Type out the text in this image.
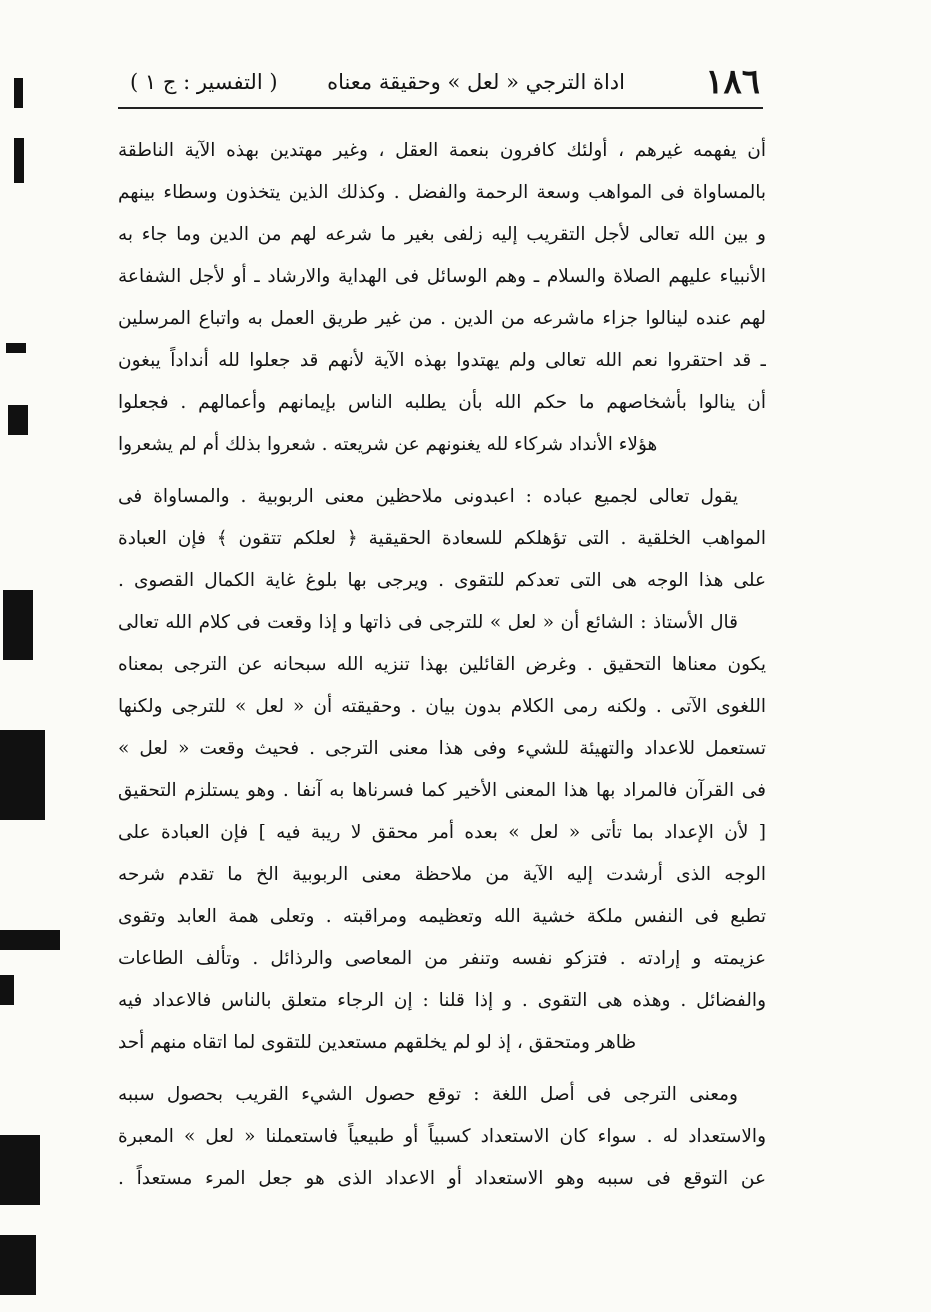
١٨٦
اداة الترجي « لعل » وحقيقة معناه
( التفسير : ج ١ )
أن يفهمه غيرهم ، أولئك كافرون بنعمة العقل ، وغير مهتدين بهذه الآية الناطقة
بالمساواة فى المواهب وسعة الرحمة والفضل . وكذلك الذين يتخذون وسطاء بينهم
و بين الله تعالى لأجل التقريب إليه زلفى بغير ما شرعه لهم من الدين وما جاء به
الأنبياء عليهم الصلاة والسلام ـ وهم الوسائل فى الهداية والارشاد ـ أو لأجل الشفاعة
لهم عنده لينالوا جزاء ماشرعه من الدين . من غير طريق العمل به واتباع المرسلين
ـ قد احتقروا نعم الله تعالى ولم يهتدوا بهذه الآية لأنهم قد جعلوا لله أنداداً يبغون
أن ينالوا بأشخاصهم ما حكم الله بأن يطلبه الناس بإيمانهم وأعمالهم . فجعلوا
هؤلاء الأنداد شركاء لله يغنونهم عن شريعته . شعروا بذلك أم لم يشعروا
يقول تعالى لجميع عباده : اعبدونى ملاحظين معنى الربوبية . والمساواة فى
المواهب الخلقية . التى تؤهلكم للسعادة الحقيقية ﴿ لعلكم تتقون ﴾ فإن العبادة
على هذا الوجه هى التى تعدكم للتقوى . ويرجى بها بلوغ غاية الكمال القصوى .
قال الأستاذ : الشائع أن « لعل » للترجى فى ذاتها و إذا وقعت فى كلام الله تعالى
يكون معناها التحقيق . وغرض القائلين بهذا تنزيه الله سبحانه عن الترجى بمعناه
اللغوى الآتى . ولكنه رمى الكلام بدون بيان . وحقيقته أن « لعل » للترجى ولكنها
تستعمل للاعداد والتهيئة للشيء وفى هذا معنى الترجى . فحيث وقعت « لعل »
فى القرآن فالمراد بها هذا المعنى الأخير كما فسرناها به آنفا . وهو يستلزم التحقيق
[ لأن الإعداد بما تأتى « لعل » بعده أمر محقق لا ريبة فيه ] فإن العبادة على
الوجه الذى أرشدت إليه الآية من ملاحظة معنى الربوبية الخ ما تقدم شرحه
تطبع فى النفس ملكة خشية الله وتعظيمه ومراقبته . وتعلى همة العابد وتقوى
عزيمته و إرادته . فتزكو نفسه وتنفر من المعاصى والرذائل . وتألف الطاعات
والفضائل . وهذه هى التقوى . و إذا قلنا : إن الرجاء متعلق بالناس فالاعداد فيه
ظاهر ومتحقق ، إذ لو لم يخلقهم مستعدين للتقوى لما اتقاه منهم أحد
ومعنى الترجى فى أصل اللغة : توقع حصول الشيء القريب بحصول سببه
والاستعداد له . سواء كان الاستعداد كسبياً أو طبيعياً فاستعملنا « لعل » المعبرة
عن التوقع فى سببه وهو الاستعداد أو الاعداد الذى هو جعل المرء مستعداً .
